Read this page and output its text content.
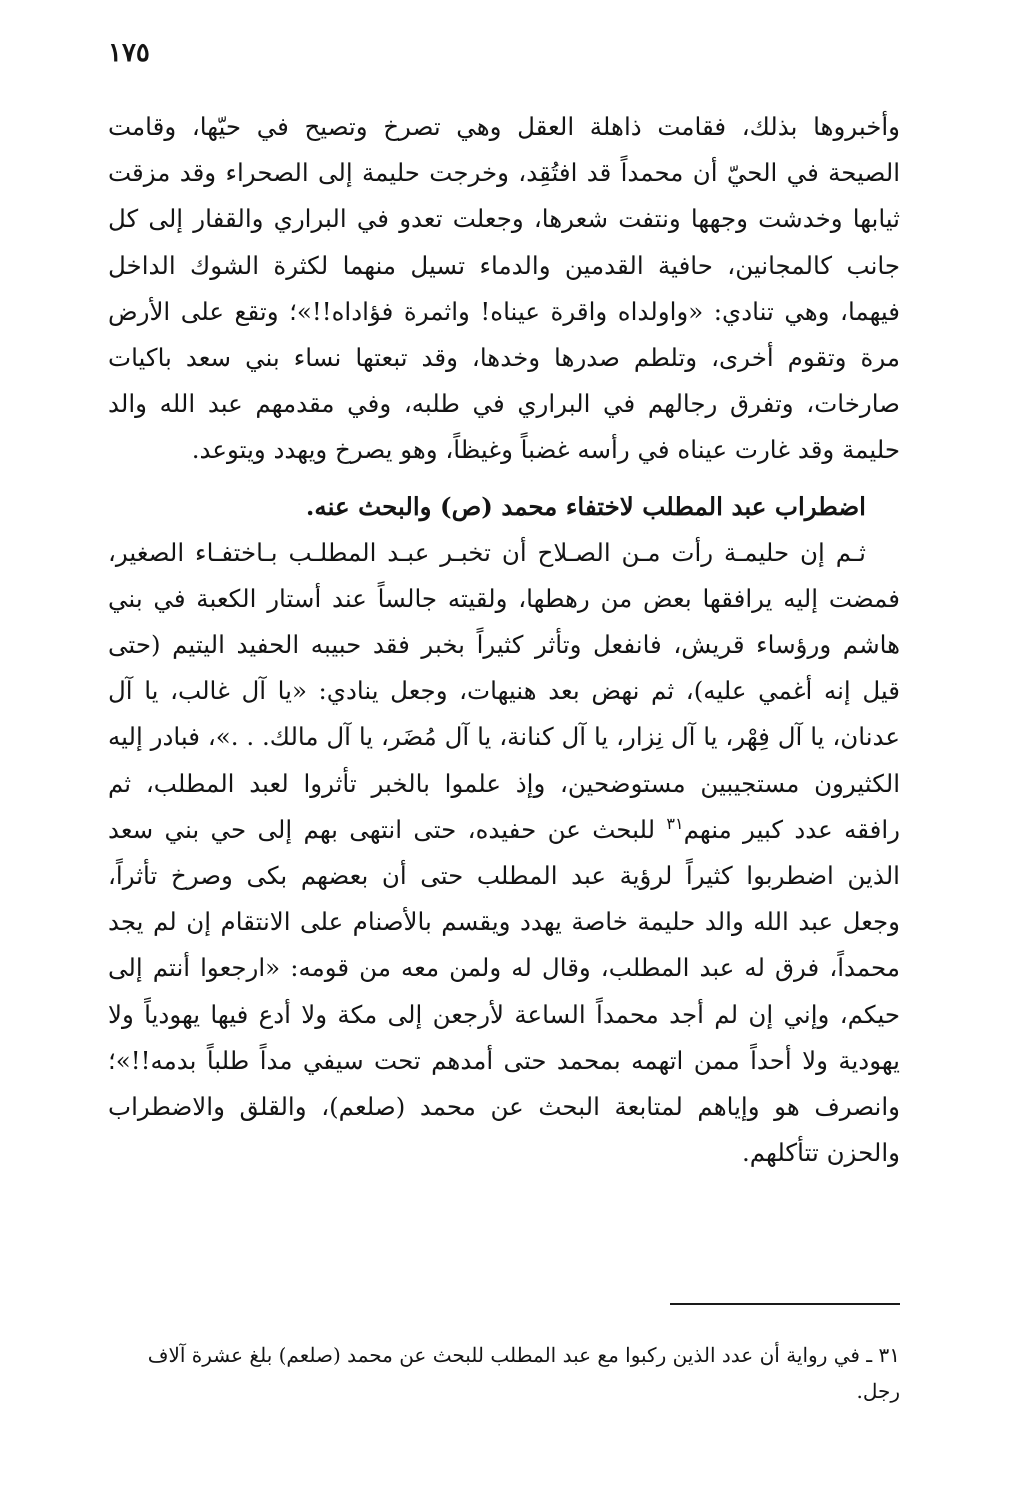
١٧٥

وأخبروها بذلك، فقامت ذاهلة العقل وهي تصرخ وتصيح في حيّها، وقامت الصيحة في الحيّ أن محمداً قد افتُقِد، وخرجت حليمة إلى الصحراء وقد مزقت ثيابها وخدشت وجهها ونتفت شعرها، وجعلت تعدو في البراري والقفار إلى كل جانب كالمجانين، حافية القدمين والدماء تسيل منهما لكثرة الشوك الداخل فيهما، وهي تنادي: «واولداه واقرة عيناه! واثمرة فؤاداه!!»؛ وتقع على الأرض مرة وتقوم أخرى، وتلطم صدرها وخدها، وقد تبعتها نساء بني سعد باكيات صارخات، وتفرق رجالهم في البراري في طلبه، وفي مقدمهم عبد الله والد حليمة وقد غارت عيناه في رأسه غضباً وغيظاً، وهو يصرخ ويهدد ويتوعد.

اضطراب عبد المطلب لاختفاء محمد (ص) والبحث عنه.

ثـم إن حليمـة رأت مـن الصـلاح أن تخبـر عبـد المطلـب بـاختفـاء الصغير، فمضت إليه يرافقها بعض من رهطها، ولقيته جالساً عند أستار الكعبة في بني هاشم ورؤساء قريش، فانفعل وتأثر كثيراً بخبر فقد حبيبه الحفيد اليتيم (حتى قيل إنه أغمي عليه)، ثم نهض بعد هنيهات، وجعل ينادي: «يا آل غالب، يا آل عدنان، يا آل فِهْر، يا آل نِزار، يا آل كنانة، يا آل مُضَر، يا آل مالك. . .»، فبادر إليه الكثيرون مستجيبين مستوضحين، وإذ علموا بالخبر تأثروا لعبد المطلب، ثم رافقه عدد كبير منهم$^{٣١}$ للبحث عن حفيده، حتى انتهى بهم إلى حي بني سعد الذين اضطربوا كثيراً لرؤية عبد المطلب حتى أن بعضهم بكى وصرخ تأثراً، وجعل عبد الله والد حليمة خاصة يهدد ويقسم بالأصنام على الانتقام إن لم يجد محمداً، فرق له عبد المطلب، وقال له ولمن معه من قومه: «ارجعوا أنتم إلى حيكم، وإني إن لم أجد محمداً الساعة لأرجعن إلى مكة ولا أدع فيها يهودياً ولا يهودية ولا أحداً ممن اتهمه بمحمد حتى أمدهم تحت سيفي مداً طلباً بدمه!!»؛ وانصرف هو وإياهم لمتابعة البحث عن محمد (صلعم)، والقلق والاضطراب والحزن تتأكلهم.

٣١ ـ في رواية أن عدد الذين ركبوا مع عبد المطلب للبحث عن محمد (صلعم) بلغ عشرة آلاف رجل.
